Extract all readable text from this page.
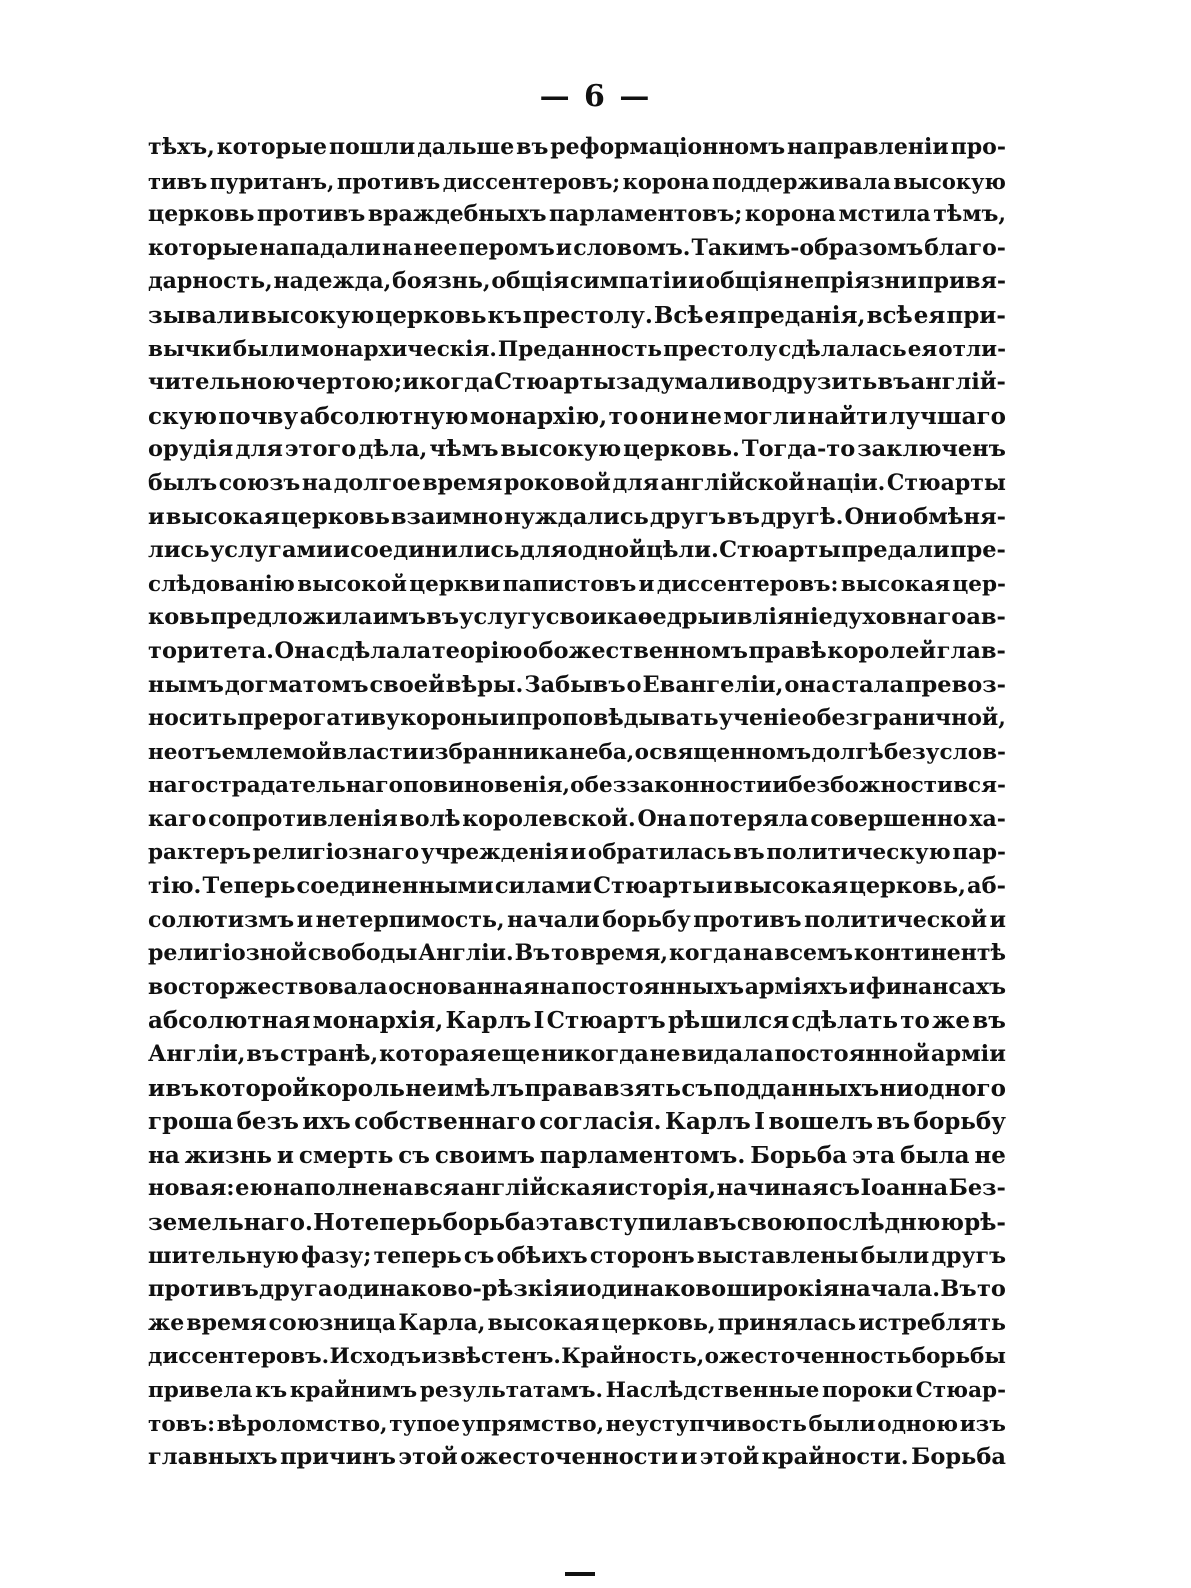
— 6 —
тѣхъ, которые пошли дальше въ реформаціонномъ направленіи про-
тивъ пуританъ, противъ диссентеровъ; корона поддерживала высокую
церковь противъ враждебныхъ парламентовъ; корона мстила тѣмъ,
которые нападали на нее перомъ и словомъ. Такимъ-образомъ благо-
дарность, надежда, боязнь, общія симпатіи и общія непріязни привя-
зывали высокую церковь къ престолу. Всѣ ея преданія, всѣ ея при-
вычки были монархическія. Преданность престолу сдѣлалась ея отли-
чительною чертою; и когда Стюарты задумали водрузить въ англій-
скую почву абсолютную монархію, то они не могли найти лучшаго
орудія для этого дѣла, чѣмъ высокую церковь. Тогда-то заключенъ
былъ союзъ на долгое время роковой для англійской націи. Стюарты
и высокая церковь взаимно нуждались другъ въ другѣ. Они обмѣня-
лись услугами и соединились для одной цѣли. Стюарты предали пре-
слѣдованію высокой церкви папистовъ и диссентеровъ: высокая цер-
ковь предложила имъ въ услугу свои каѳедры и вліяніе духовнаго ав-
торитета. Она сдѣлала теорію о божественномъ правѣ королей глав-
нымъ догматомъ своей вѣры. Забывъ о Евангеліи, она стала превоз-
носить прерогативу короны и проповѣдывать ученіе о безграничной,
неотъемлемой власти избранника неба, о священномъ долгѣ безуслов-
наго страдательнаго повиновенія, о беззаконности и безбожности вся-
каго сопротивленія волѣ королевской. Она потеряла совершенно ха-
рактеръ религіознаго учрежденія и обратилась въ политическую пар-
тію. Теперь соединенными силами Стюарты и высокая церковь, аб-
солютизмъ и нетерпимость, начали борьбу противъ политической и
религіозной свободы Англіи. Въ то время, когда на всемъ континентѣ
восторжествовала основанная на постоянныхъ арміяхъ и финансахъ
абсолютная монархія, Карлъ I Стюартъ рѣшился сдѣлать то же въ
Англіи, въ странѣ, которая еще никогда не видала постоянной арміи
и въ которой король не имѣлъ права взять съ подданныхъ ни одного
гроша безъ ихъ собственнаго согласія. Карлъ I вошелъ въ борьбу
на жизнь и смерть съ своимъ парламентомъ. Борьба эта была не
новая: ею наполнена вся англійская исторія, начиная съ Іоанна Без-
земельнаго. Но теперь борьба эта вступила въ свою послѣднюю рѣ-
шительную фазу; теперь съ обѣихъ сторонъ выставлены были другъ
противъ друга одинаково-рѣзкія и одинаково широкія начала. Въ то
же время союзница Карла, высокая церковь, принялась истреблять
диссентеровъ. Исходъ извѣстенъ. Крайность, ожесточенность борьбы
привела къ крайнимъ результатамъ. Наслѣдственные пороки Стюар-
товъ: вѣроломство, тупое упрямство, неуступчивость были одною изъ
главныхъ причинъ этой ожесточенности и этой крайности. Борьба
